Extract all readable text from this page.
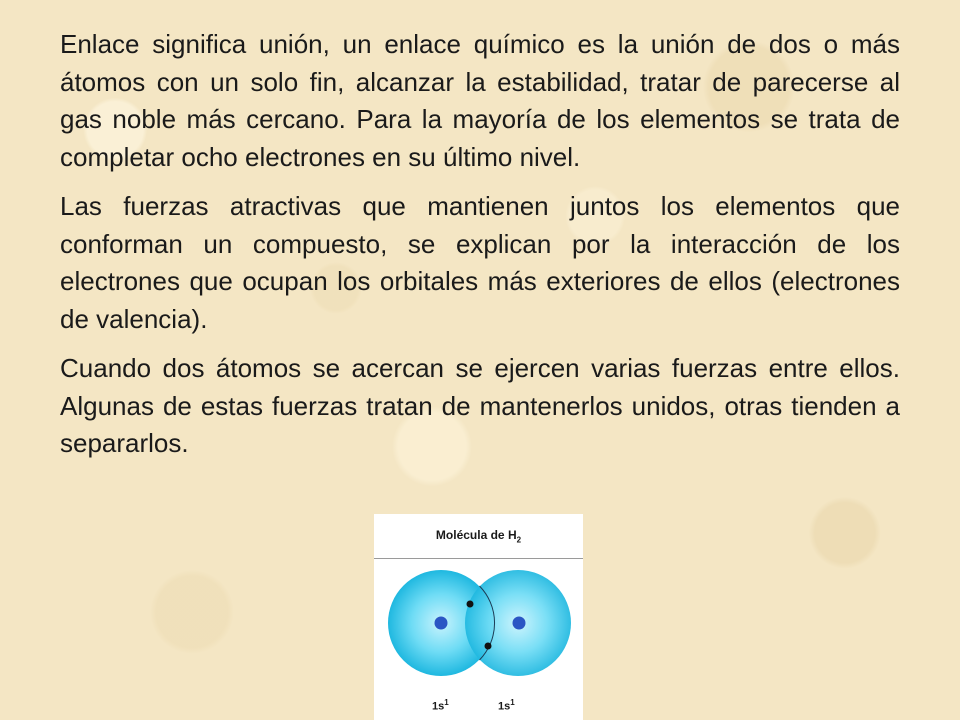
Enlace significa unión, un enlace químico es la unión de dos o más átomos con un solo fin, alcanzar la estabilidad, tratar de parecerse al gas noble más cercano. Para la mayoría de los elementos se trata de completar ocho electrones en su último nivel.

Las fuerzas atractivas que mantienen juntos los elementos que conforman un compuesto, se explican por la interacción de los electrones que ocupan los orbitales más exteriores de ellos (electrones de valencia).

Cuando dos átomos se acercan se ejercen varias fuerzas entre ellos. Algunas de estas fuerzas tratan de mantenerlos unidos, otras tienden a separarlos.

Molécula de $H_2$
$1s^1$	$1s^1$
